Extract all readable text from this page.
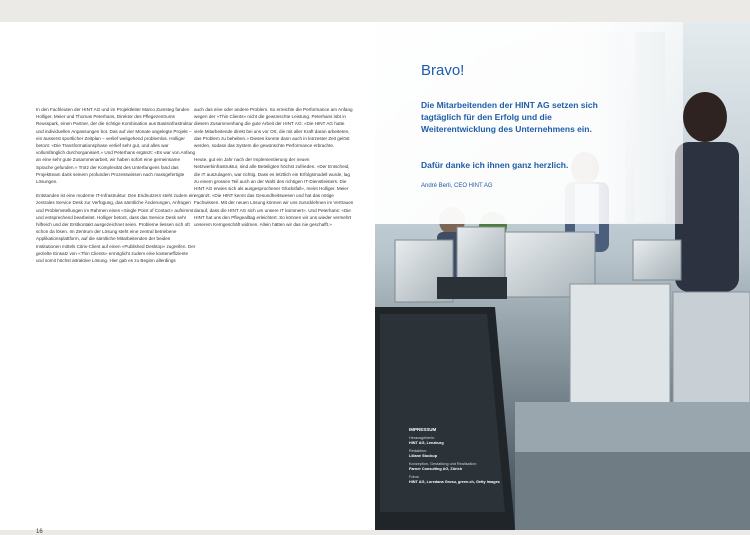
In den Fachleuten der HINT AG und im Projektleiter Marco Zumsteg fanden Holliger, Meier und Thomas Peterhans, Direktor des Pflegezentrums Reusspark, einen Partner, der die richtige Kombination aus Basisinfrastruktur und individuellen Anpassungen bot. Das auf vier Monate angelegte Projekt – ein äusserst sportlicher Zeitplan – verlief weitgehend problemlos. Holliger betont: «Die Transformationsphase verlief sehr gut, und alles war vollumfänglich durchorganisiert.» Und Peterhans ergänzt: «Es war von Anfang an eine sehr gute Zusammenarbeit, wir haben sofort eine gemeinsame Sprache gefunden.» Trotz der Komplexität des Unterfangens fand das Projektteam dank seinem profunden Prozesswissen nach massgefertigte Lösungen.

Entstanden ist eine moderne IT-Infrastruktur. Den Endnutzern steht zudem ein zentrales Service Desk zur Verfügung, das sämtliche Änderungen, Anfragen und Problemstellungen im Rahmen eines «Single Point of Contact» aufnimmt und entsprechend bearbeitet. Holliger betont, dass das Service Desk sehr hilfreich und der Erstkontakt ausgezeichnet seien. Probleme liessen sich oft schon da lösen. Im Zentrum der Lösung steht eine zentral betriebene Applikationsplattform, auf die sämtliche Mitarbeitenden der beiden Institutionen mittels Citrix-Client auf einen «Published Desktop» zugreifen. Der gezielte Einsatz von «Thin Clients» ermöglicht zudem eine kosteneffiziente und somit höchst attraktive Lösung. Hier gab es zu Beginn allerdings

auch das eine oder andere Problem. So erreichte die Performance am Anfang wegen der «Thin Clients» nicht die gewünschte Leistung. Peterhans lobt in diesem Zusammenhang die gute Arbeit der HINT AG: «Die HINT AG hatte viele Mitarbeitende direkt bei uns vor Ort, die mit aller Kraft daran arbeiteten, das Problem zu beheben.» Dieses konnte dann auch in kürzester Zeit gelöst werden, sodass das System die gewünschte Performance erbrachte.

Heute, gut ein Jahr nach der Implementierung der neuen Netzwerkinfrastruktur, sind alle Beteiligten höchst zufrieden. «Der Entscheid, die IT auszulagern, war richtig. Dass es letztlich ein Erfolgsmodell wurde, lag zu einem grossen Teil auch an der Wahl des richtigen IT-Dienstleisters. Die HINT AG erwies sich als ausgesprochener Glücksfall», meint Holliger. Meier ergänzt: «Die HINT kennt das Gesundheitswesen und hat das nötige Fachwissen. Mit der neuen Lösung können wir uns zurücklehnen im Vertrauen darauf, dass die HINT AG sich um unsere IT kümmert». Und Peterhans: «Die HINT hat uns den Pflegealltag erleichtert. So können wir uns wieder vermehrt unserem Kerngeschäft widmen. Allein hätten wir das nie geschafft.»

16
Bravo!
Die Mitarbeitenden der HINT AG setzen sich tagtäglich für den Erfolg und die Weiterentwicklung des Unternehmens ein.
Dafür danke ich ihnen ganz herzlich.
André Berli, CEO HINT AG
IMPRESSUM
Herausgeberin:
HINT AG, Lenzburg
Redaktion:
Liliane Stockup
Konzeption, Gestaltung und Realisation:
Farner Consulting AG, Zürich
Fotos:
HINT AG, Loredana Grosu, green.ch, Getty Images
